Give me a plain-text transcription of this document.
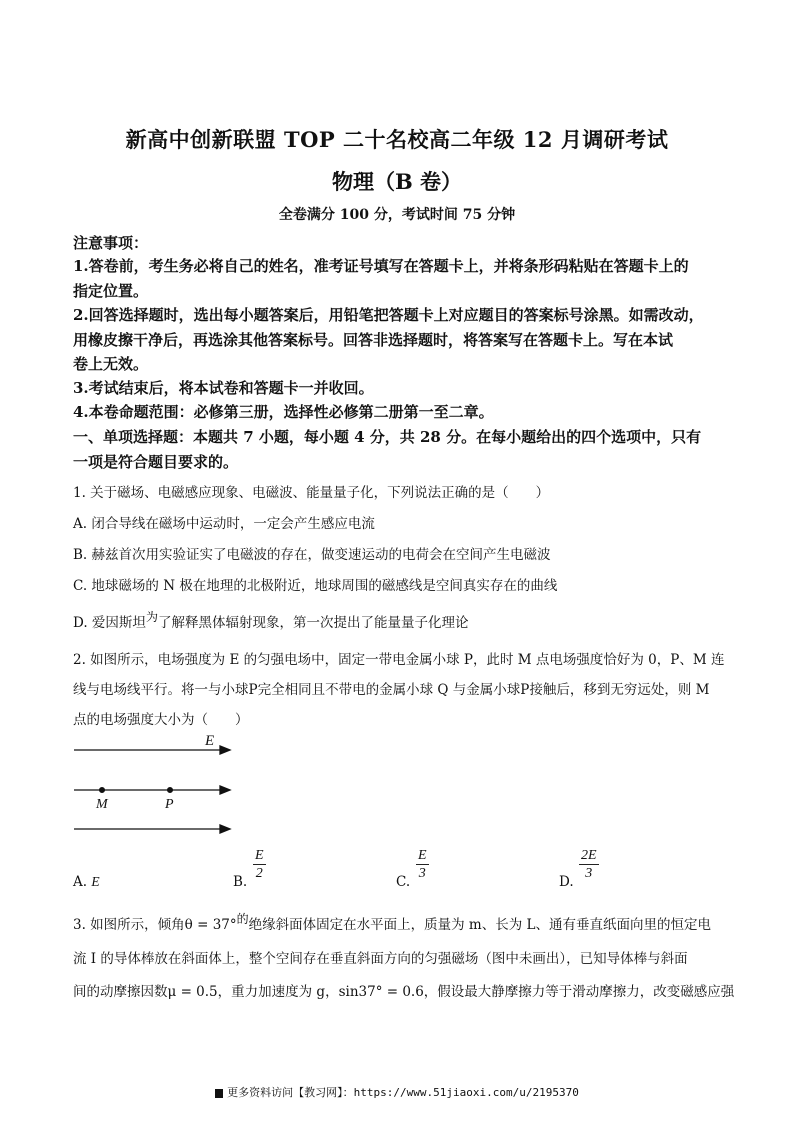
新高中创新联盟 TOP 二十名校高二年级 12 月调研考试
物理（B 卷）
全卷满分 100 分，考试时间 75 分钟
注意事项：
1.答卷前，考生务必将自己的姓名，准考证号填写在答题卡上，并将条形码粘贴在答题卡上的
指定位置。
2.回答选择题时，选出每小题答案后，用铅笔把答题卡上对应题目的答案标号涂黑。如需改动，
用橡皮擦干净后，再选涂其他答案标号。回答非选择题时，将答案写在答题卡上。写在本试
卷上无效。
3.考试结束后，将本试卷和答题卡一并收回。
4.本卷命题范围：必修第三册，选择性必修第二册第一至二章。
一、单项选择题：本题共 7 小题，每小题 4 分，共 28 分。在每小题给出的四个选项中，只有
一项是符合题目要求的。
1. 关于磁场、电磁感应现象、电磁波、能量量子化，下列说法正确的是（　　）
A. 闭合导线在磁场中运动时，一定会产生感应电流
B. 赫兹首次用实验证实了电磁波的存在，做变速运动的电荷会在空间产生电磁波
C. 地球磁场的 N 极在地理的北极附近，地球周围的磁感线是空间真实存在的曲线
D. 爱因斯坦为了解释黑体辐射现象，第一次提出了能量量子化理论
2. 如图所示，电场强度为 E 的匀强电场中，固定一带电金属小球 P，此时 M 点电场强度恰好为 0，P、M 连
线与电场线平行。将一与小球P完全相同且不带电的金属小球 Q 与金属小球P接触后，移到无穷远处，则 M
点的电场强度大小为（　　）
E
M	P
A. E	B. $\frac{E}{2}$	C. $\frac{E}{3}$	D. $\frac{2E}{3}$
3. 如图所示，倾角θ = 37°的绝缘斜面体固定在水平面上，质量为 m、长为 L、通有垂直纸面向里的恒定电
流 I 的导体棒放在斜面体上，整个空间存在垂直斜面方向的匀强磁场（图中未画出），已知导体棒与斜面
间的动摩擦因数μ = 0.5，重力加速度为 g，sin37° = 0.6，假设最大静摩擦力等于滑动摩擦力，改变磁感应强
更多资料访问【教习网】：https://www.51jiaoxi.com/u/2195370
